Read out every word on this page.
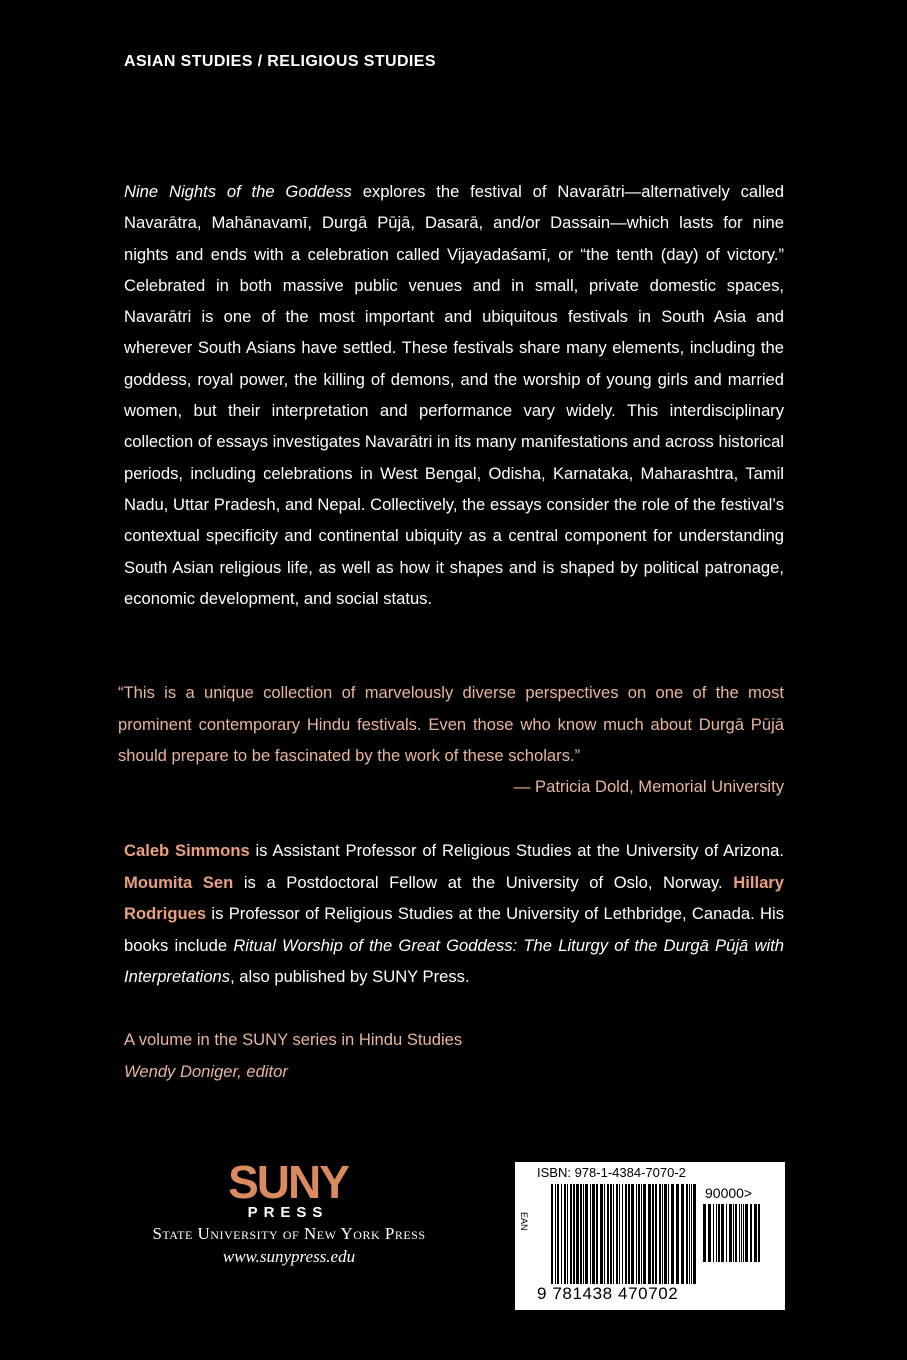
ASIAN STUDIES / RELIGIOUS STUDIES

Nine Nights of the Goddess explores the festival of Navarātri—alternatively called Navarātra, Mahānavamī, Durgā Pūjā, Dasarā, and/or Dassain—which lasts for nine nights and ends with a celebration called Vijayadaśamī, or “the tenth (day) of victory.” Celebrated in both massive public venues and in small, private domestic spaces, Navarātri is one of the most important and ubiquitous festivals in South Asia and wherever South Asians have settled. These festivals share many elements, including the goddess, royal power, the killing of demons, and the worship of young girls and married women, but their interpretation and performance vary widely. This interdisciplinary collection of essays investigates Navarātri in its many manifestations and across historical periods, including celebrations in West Bengal, Odisha, Karnataka, Maharashtra, Tamil Nadu, Uttar Pradesh, and Nepal. Collectively, the essays consider the role of the festival’s contextual specificity and continental ubiquity as a central component for understanding South Asian religious life, as well as how it shapes and is shaped by political patronage, economic development, and social status.

“This is a unique collection of marvelously diverse perspectives on one of the most prominent contemporary Hindu festivals. Even those who know much about Durgā Pūjā should prepare to be fascinated by the work of these scholars.”

— Patricia Dold, Memorial University

Caleb Simmons is Assistant Professor of Religious Studies at the University of Arizona. Moumita Sen is a Postdoctoral Fellow at the University of Oslo, Norway. Hillary Rodrigues is Professor of Religious Studies at the University of Lethbridge, Canada. His books include Ritual Worship of the Great Goddess: The Liturgy of the Durgā Pūjā with Interpretations, also published by SUNY Press.

A volume in the SUNY series in Hindu Studies
Wendy Doniger, editor
SUNY
PRESS
State University of New York Press
www.sunypress.edu
ISBN: 978-1-4384-7070-2
EAN
90000>
9 781438 470702
